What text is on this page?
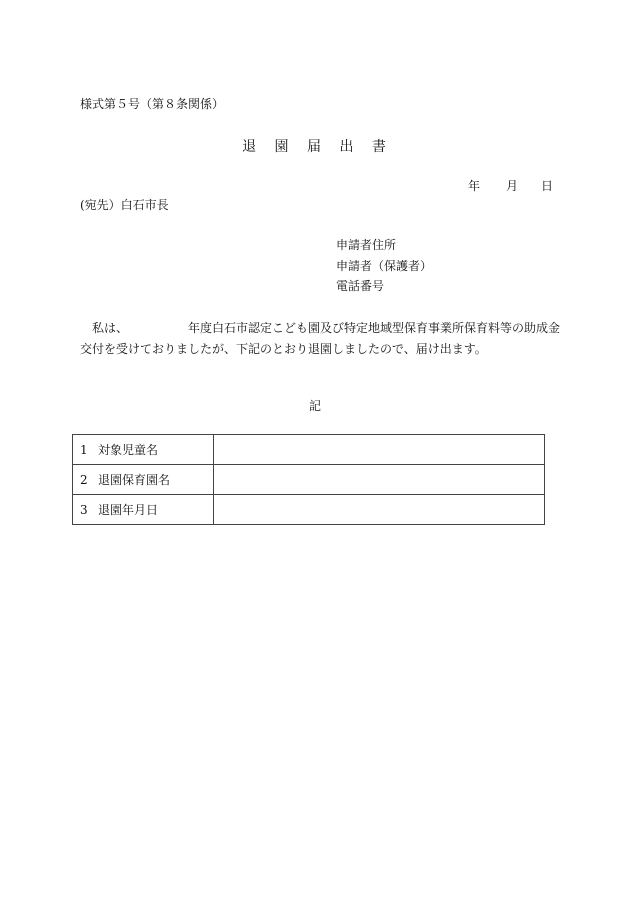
様式第５号（第８条関係）
退 園 届 出 書
年 月 日
(宛先）白石市長
申請者住所
申請者（保護者）
電話番号
　私は、	年度白石市認定こども園及び特定地域型保育事業所保育料等の助成金
交付を受けておりましたが、下記のとおり退園しましたので、届け出ます。
記
1 対象児童名	
2 退園保育園名	
3 退園年月日	
